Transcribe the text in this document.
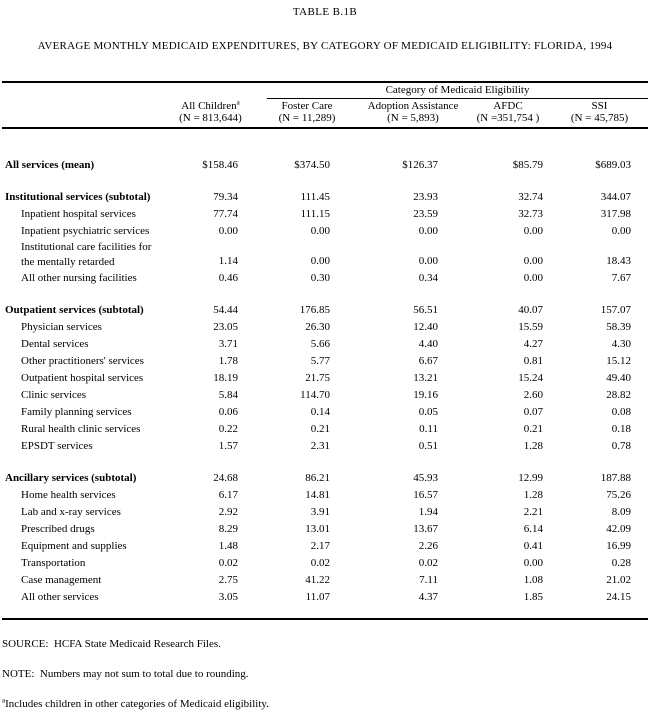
TABLE B.1B
AVERAGE MONTHLY MEDICAID EXPENDITURES, BY CATEGORY OF MEDICAID ELIGIBILITY: FLORIDA, 1994

		Category of Medicaid Eligibility			

	All Children$^a$	Foster Care	Adoption Assistance	AFDC	SSI
	(N = 813,644)	(N = 11,289)	(N = 5,893)	(N =351,754 )	(N = 45,785)

All services (mean)	$158.46	$374.50	$126.37	$85.79	$689.03

Institutional services (subtotal)	79.34	111.45	23.93	32.74	344.07
Inpatient hospital services	77.74	111.15	23.59	32.73	317.98
Inpatient psychiatric services	0.00	0.00	0.00	0.00	0.00

Institutional care facilities for
the mentally retarded	1.14	0.00	0.00	0.00	18.43
All other nursing facilities	0.46	0.30	0.34	0.00	7.67

Outpatient services (subtotal)	54.44	176.85	56.51	40.07	157.07
Physician services	23.05	26.30	12.40	15.59	58.39
Dental services	3.71	5.66	4.40	4.27	4.30
Other practitioners' services	1.78	5.77	6.67	0.81	15.12
Outpatient hospital services	18.19	21.75	13.21	15.24	49.40
Clinic services	5.84	114.70	19.16	2.60	28.82
Family planning services	0.06	0.14	0.05	0.07	0.08
Rural health clinic services	0.22	0.21	0.11	0.21	0.18
EPSDT services	1.57	2.31	0.51	1.28	0.78

Ancillary services (subtotal)	24.68	86.21	45.93	12.99	187.88
Home health services	6.17	14.81	16.57	1.28	75.26
Lab and x-ray services	2.92	3.91	1.94	2.21	8.09
Prescribed drugs	8.29	13.01	13.67	6.14	42.09
Equipment and supplies	1.48	2.17	2.26	0.41	16.99
Transportation	0.02	0.02	0.02	0.00	0.28
Case management	2.75	41.22	7.11	1.08	21.02
All other services	3.05	11.07	4.37	1.85	24.15

SOURCE:  HCFA State Medicaid Research Files.
NOTE:  Numbers may not sum to total due to rounding.
$^a$Includes children in other categories of Medicaid eligibility.
